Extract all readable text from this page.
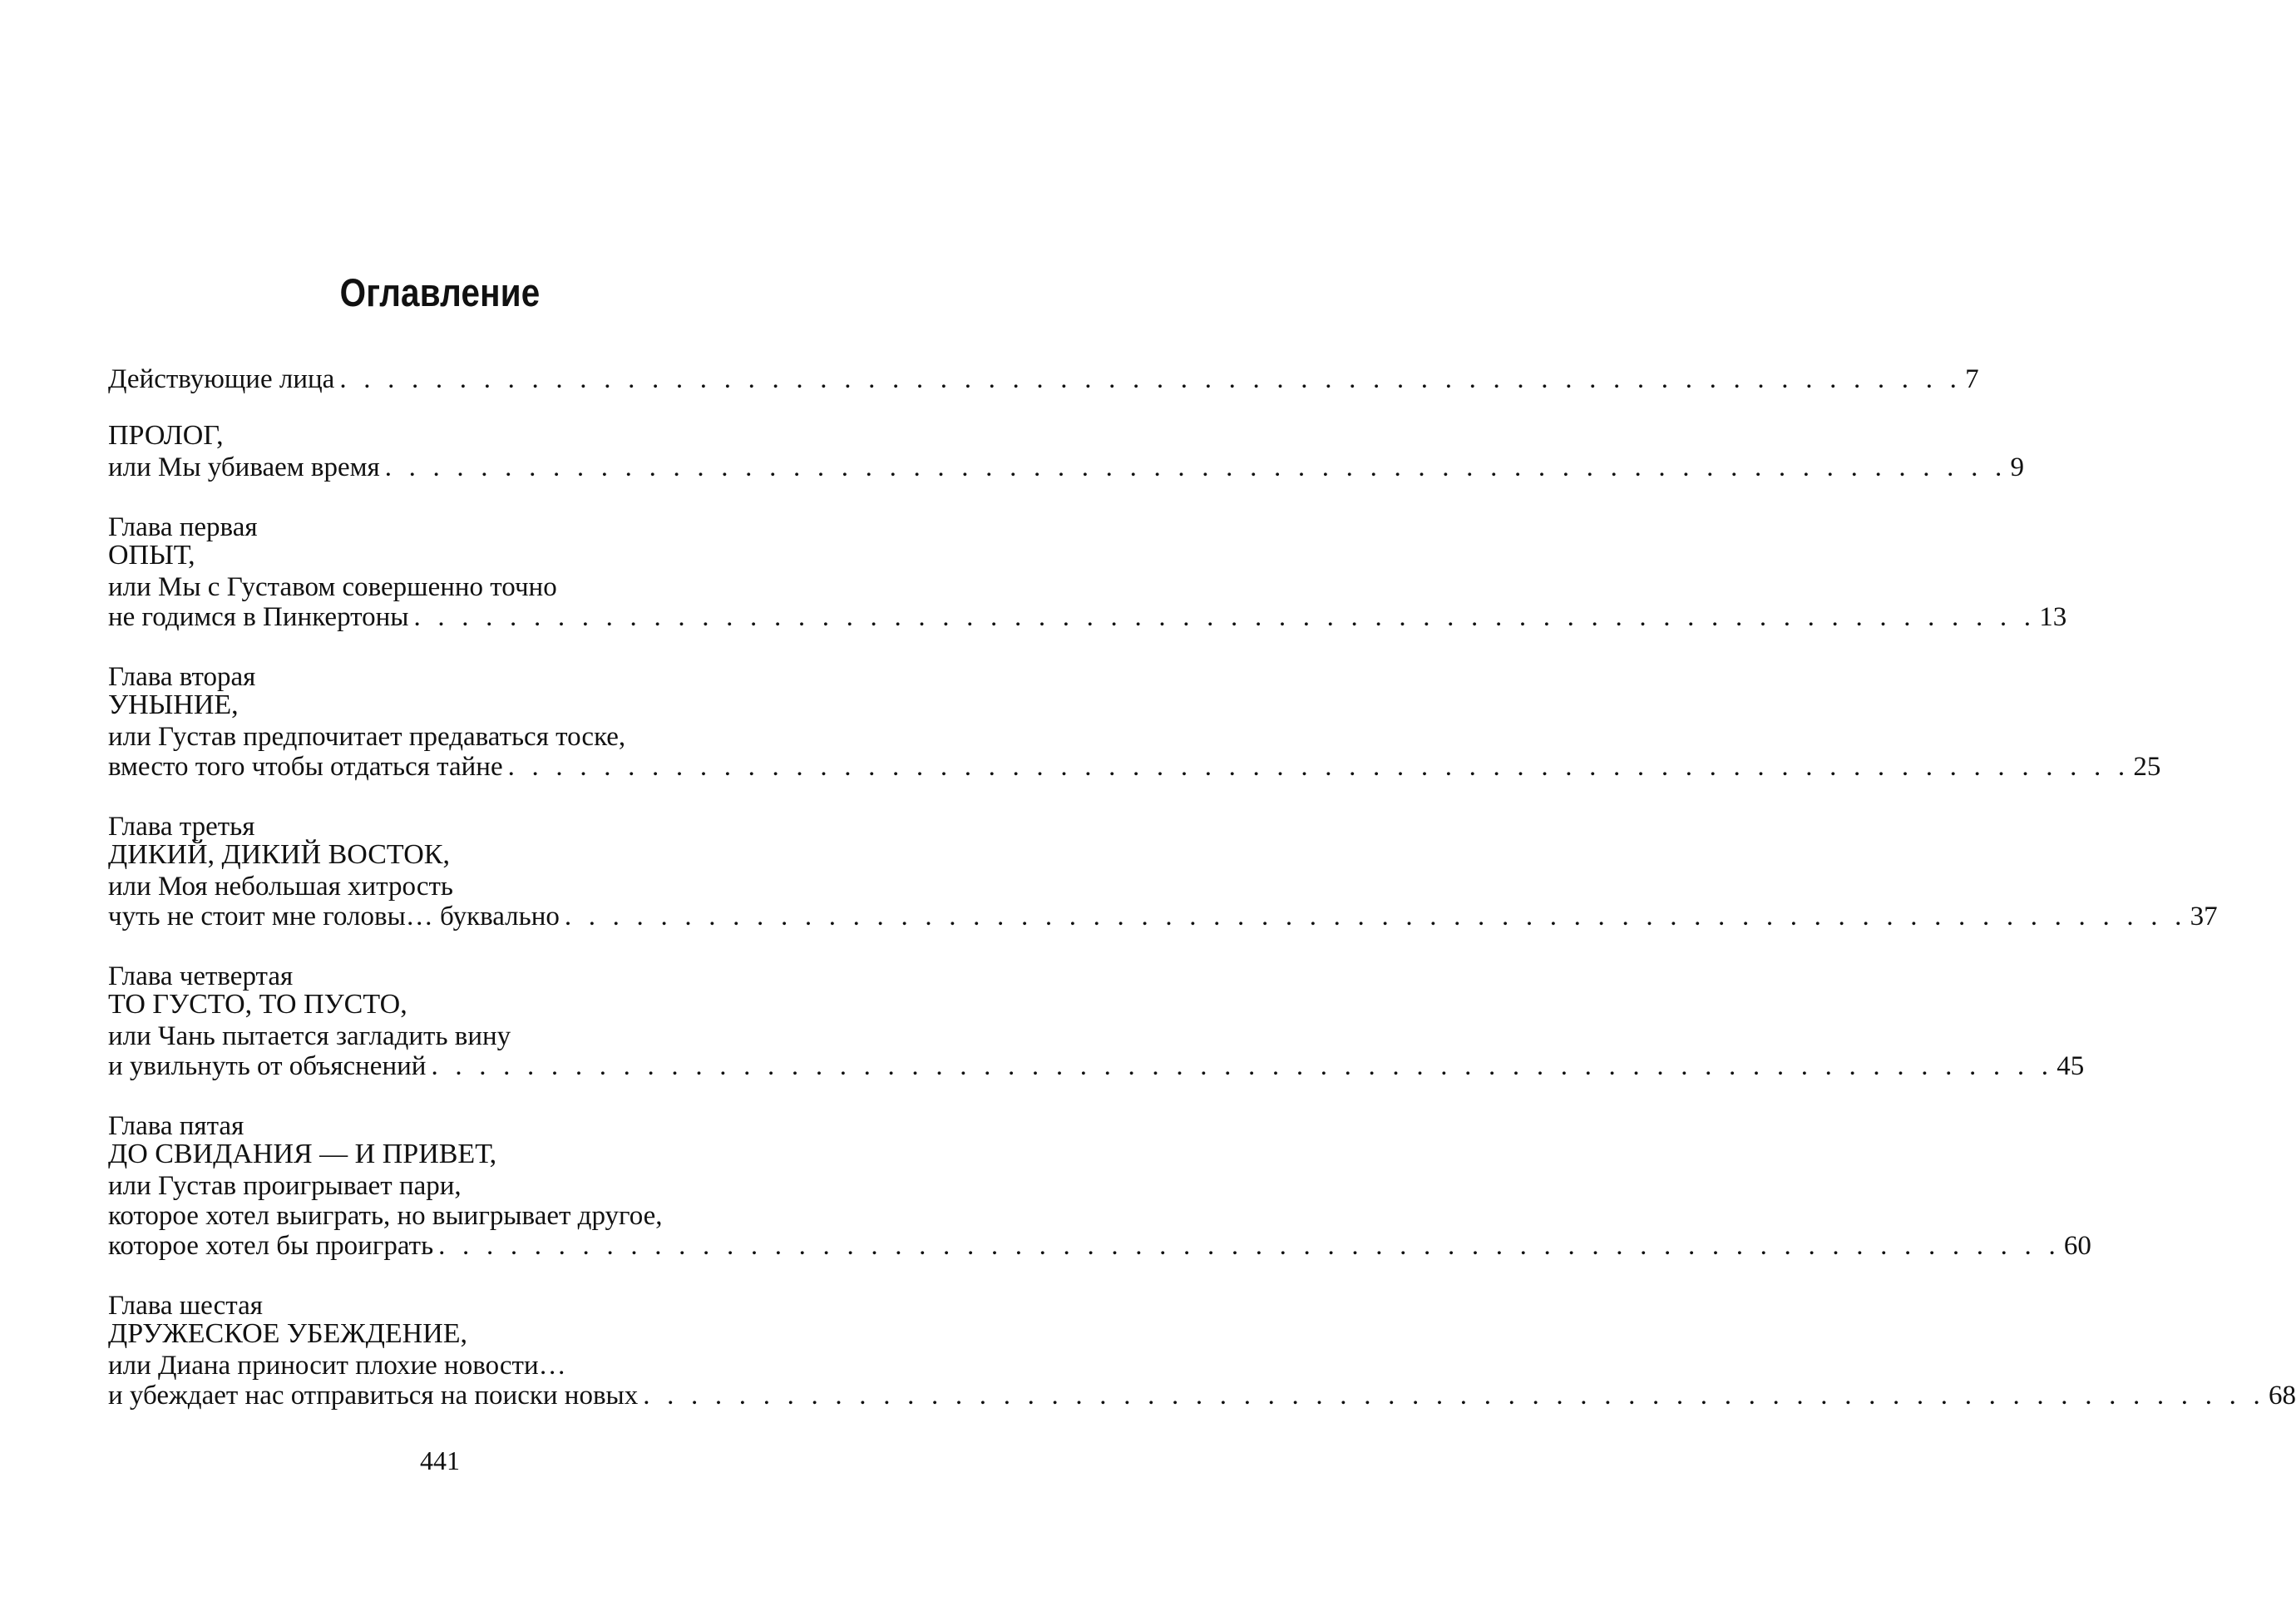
Оглавление
Действующие лица . . . . . . . . . . . . . . . . . . . . . . . . . . . . . . . . . . . . . . . . . . . . . . . . . . . . . . . . . . . . . . . . . . . . 7
ПРОЛОГ,
или Мы убиваем время . . . . . . . . . . . . . . . . . . . . . . . . . . . . . . . . . . . . . . . . . . . . . . . . . . . . . . . . . . . . . . . . . . . . 9
Глава первая
ОПЫТ,
или Мы с Густавом совершенно точно
не годимся в Пинкертоны . . . . . . . . . . . . . . . . . . . . . . . . . . . . . . . . . . . . . . . . . . . . . . . . . . . . . . . . . . . . . . . . . . . . 13
Глава вторая
УНЫНИЕ,
или Густав предпочитает предаваться тоске,
вместо того чтобы отдаться тайне . . . . . . . . . . . . . . . . . . . . . . . . . . . . . . . . . . . . . . . . . . . . . . . . . . . . . . . . . . . . . . . . . . . . 25
Глава третья
ДИКИЙ, ДИКИЙ ВОСТОК,
или Моя небольшая хитрость
чуть не стоит мне головы… буквально . . . . . . . . . . . . . . . . . . . . . . . . . . . . . . . . . . . . . . . . . . . . . . . . . . . . . . . . . . . . . . . . . . . . 37
Глава четвертая
ТО ГУСТО, ТО ПУСТО,
или Чань пытается загладить вину
и увильнуть от объяснений . . . . . . . . . . . . . . . . . . . . . . . . . . . . . . . . . . . . . . . . . . . . . . . . . . . . . . . . . . . . . . . . . . . . 45
Глава пятая
ДО СВИДАНИЯ — И ПРИВЕТ,
или Густав проигрывает пари,
которое хотел выиграть, но выигрывает другое,
которое хотел бы проиграть . . . . . . . . . . . . . . . . . . . . . . . . . . . . . . . . . . . . . . . . . . . . . . . . . . . . . . . . . . . . . . . . . . . . 60
Глава шестая
ДРУЖЕСКОЕ УБЕЖДЕНИЕ,
или Диана приносит плохие новости…
и убеждает нас отправиться на поиски новых . . . . . . . . . . . . . . . . . . . . . . . . . . . . . . . . . . . . . . . . . . . . . . . . . . . . . . . . . . . . . . . . . . . . 68
441
